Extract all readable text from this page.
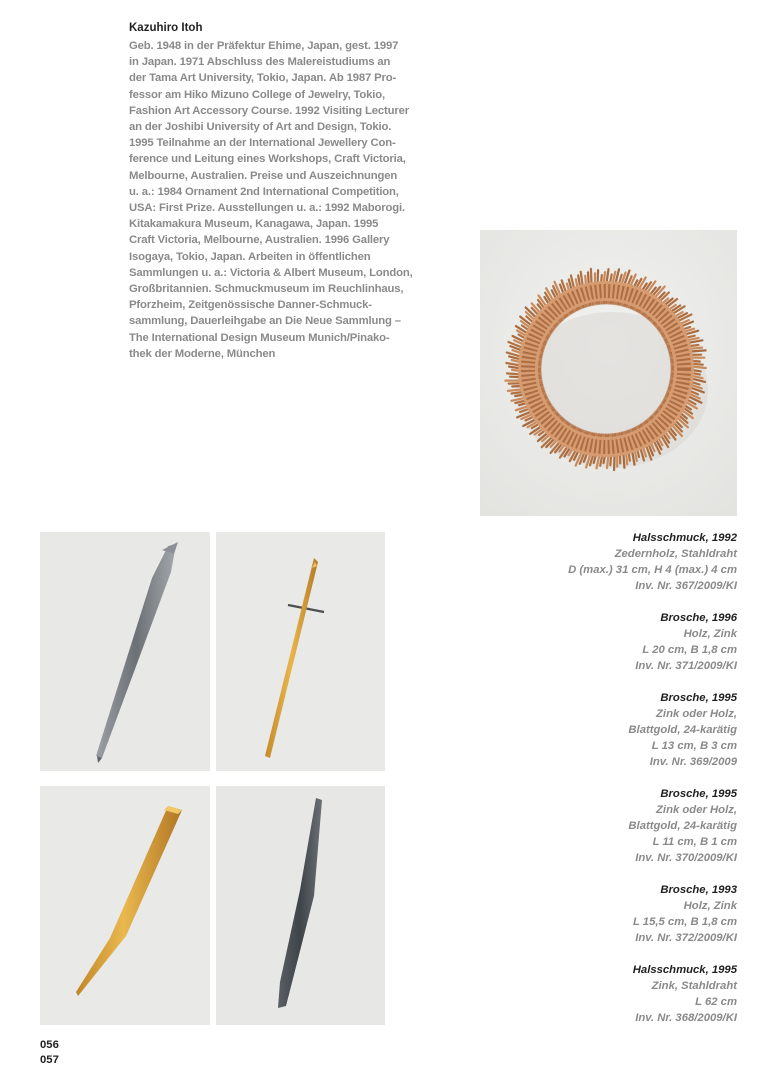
Kazuhiro Itoh
Geb. 1948 in der Präfektur Ehime, Japan, gest. 1997
in Japan. 1971 Abschluss des Malereistudiums an
der Tama Art University, Tokio, Japan. Ab 1987 Pro-
fessor am Hiko Mizuno College of Jewelry, Tokio,
Fashion Art Accessory Course. 1992 Visiting Lecturer
an der Joshibi University of Art and Design, Tokio.
1995 Teilnahme an der International Jewellery Con-
ference und Leitung eines Workshops, Craft Victoria,
Melbourne, Australien. Preise und Auszeichnungen
u. a.: 1984 Ornament 2nd International Competition,
USA: First Prize. Ausstellungen u. a.: 1992 Maborogi.
Kitakamakura Museum, Kanagawa, Japan. 1995
Craft Victoria, Melbourne, Australien. 1996 Gallery
Isogaya, Tokio, Japan. Arbeiten in öffentlichen
Sammlungen u. a.: Victoria & Albert Museum, London,
Großbritannien. Schmuckmuseum im Reuchlinhaus,
Pforzheim, Zeitgenössische Danner-Schmuck-
sammlung, Dauerleihgabe an Die Neue Sammlung –
The International Design Museum Munich/Pinako-
thek der Moderne, München
Halsschmuck, 1992
Zedernholz, Stahldraht
D (max.) 31 cm, H 4 (max.) 4 cm
Inv. Nr. 367/2009/KI
Brosche, 1996
Holz, Zink
L 20 cm, B 1,8 cm
Inv. Nr. 371/2009/KI
Brosche, 1995
Zink oder Holz,
Blattgold, 24-karätig
L 13 cm, B 3 cm
Inv. Nr. 369/2009
Brosche, 1995
Zink oder Holz,
Blattgold, 24-karätig
L 11 cm, B 1 cm
Inv. Nr. 370/2009/KI
Brosche, 1993
Holz, Zink
L 15,5 cm, B 1,8 cm
Inv. Nr. 372/2009/KI
Halsschmuck, 1995
Zink, Stahldraht
L 62 cm
Inv. Nr. 368/2009/KI
056
057
